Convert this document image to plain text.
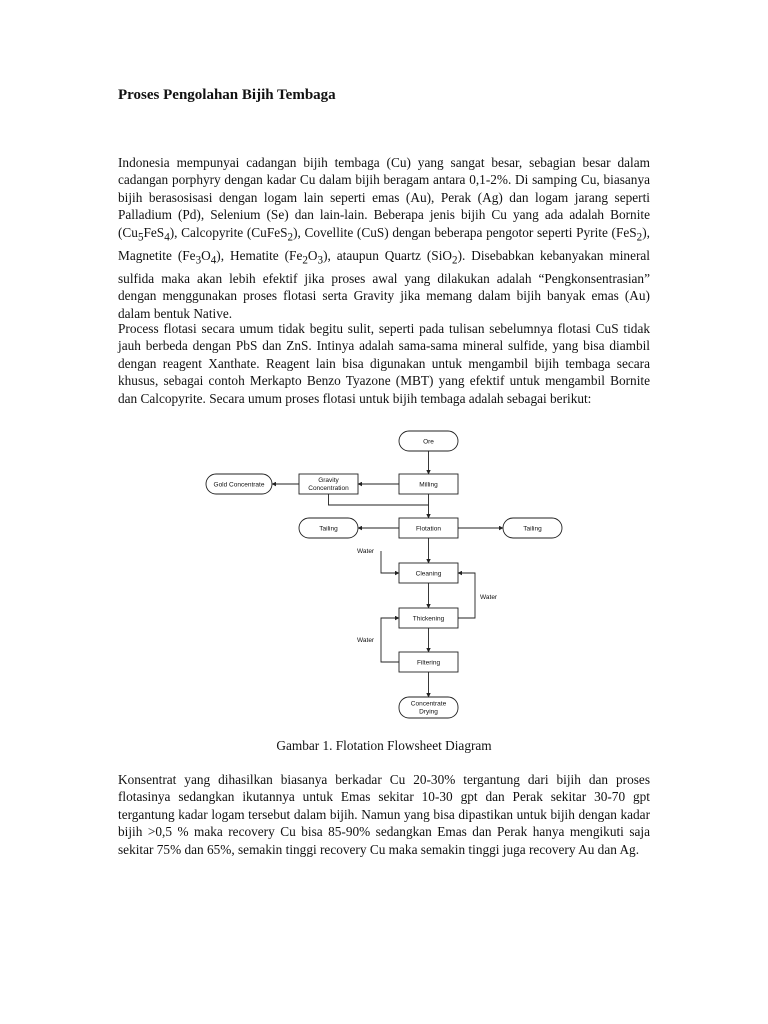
Proses Pengolahan Bijih Tembaga

Indonesia mempunyai cadangan bijih tembaga (Cu) yang sangat besar, sebagian besar dalam cadangan porphyry dengan kadar Cu dalam bijih beragam antara 0,1-2%. Di samping Cu, biasanya bijih berasosisasi dengan logam lain seperti emas (Au), Perak (Ag) dan logam jarang seperti Palladium (Pd), Selenium (Se) dan lain-lain. Beberapa jenis bijih Cu yang ada adalah Bornite $(Cu_5FeS_4)$, Calcopyrite (CuFeS$_2$), Covellite (CuS) dengan beberapa pengotor seperti Pyrite (FeS$_2$), Magnetite $(Fe_3O_4)$, Hematite $(Fe_2O_3)$, ataupun Quartz (SiO$_2$). Disebabkan kebanyakan mineral sulfida maka akan lebih efektif jika proses awal yang dilakukan adalah “Pengkonsentrasian” dengan menggunakan proses flotasi serta Gravity jika memang dalam bijih banyak emas (Au) dalam bentuk Native.

Process flotasi secara umum tidak begitu sulit, seperti pada tulisan sebelumnya flotasi CuS tidak jauh berbeda dengan PbS dan ZnS. Intinya adalah sama-sama mineral sulfide, yang bisa diambil dengan reagent Xanthate. Reagent lain bisa digunakan untuk mengambil bijih tembaga secara khusus, sebagai contoh Merkapto Benzo Tyazone (MBT) yang efektif untuk mengambil Bornite dan Calcopyrite. Secara umum proses flotasi untuk bijih tembaga adalah sebagai berikut:

Ore
Milling
Gravity
Concentration
Gold Concentrate
Tailing	Flotation	Tailing
Cleaning
Thickening
Filtering
Concentrate
Drying
Water
Water
Water

Gambar 1. Flotation Flowsheet Diagram

Konsentrat yang dihasilkan biasanya berkadar Cu 20-30% tergantung dari bijih dan proses flotasinya sedangkan ikutannya untuk Emas sekitar 10-30 gpt dan Perak sekitar 30-70 gpt tergantung kadar logam tersebut dalam bijih. Namun yang bisa dipastikan untuk bijih dengan kadar bijih >0,5 % maka recovery Cu bisa 85-90% sedangkan Emas dan Perak hanya mengikuti saja sekitar 75% dan 65%, semakin tinggi recovery Cu maka semakin tinggi juga recovery Au dan Ag.
